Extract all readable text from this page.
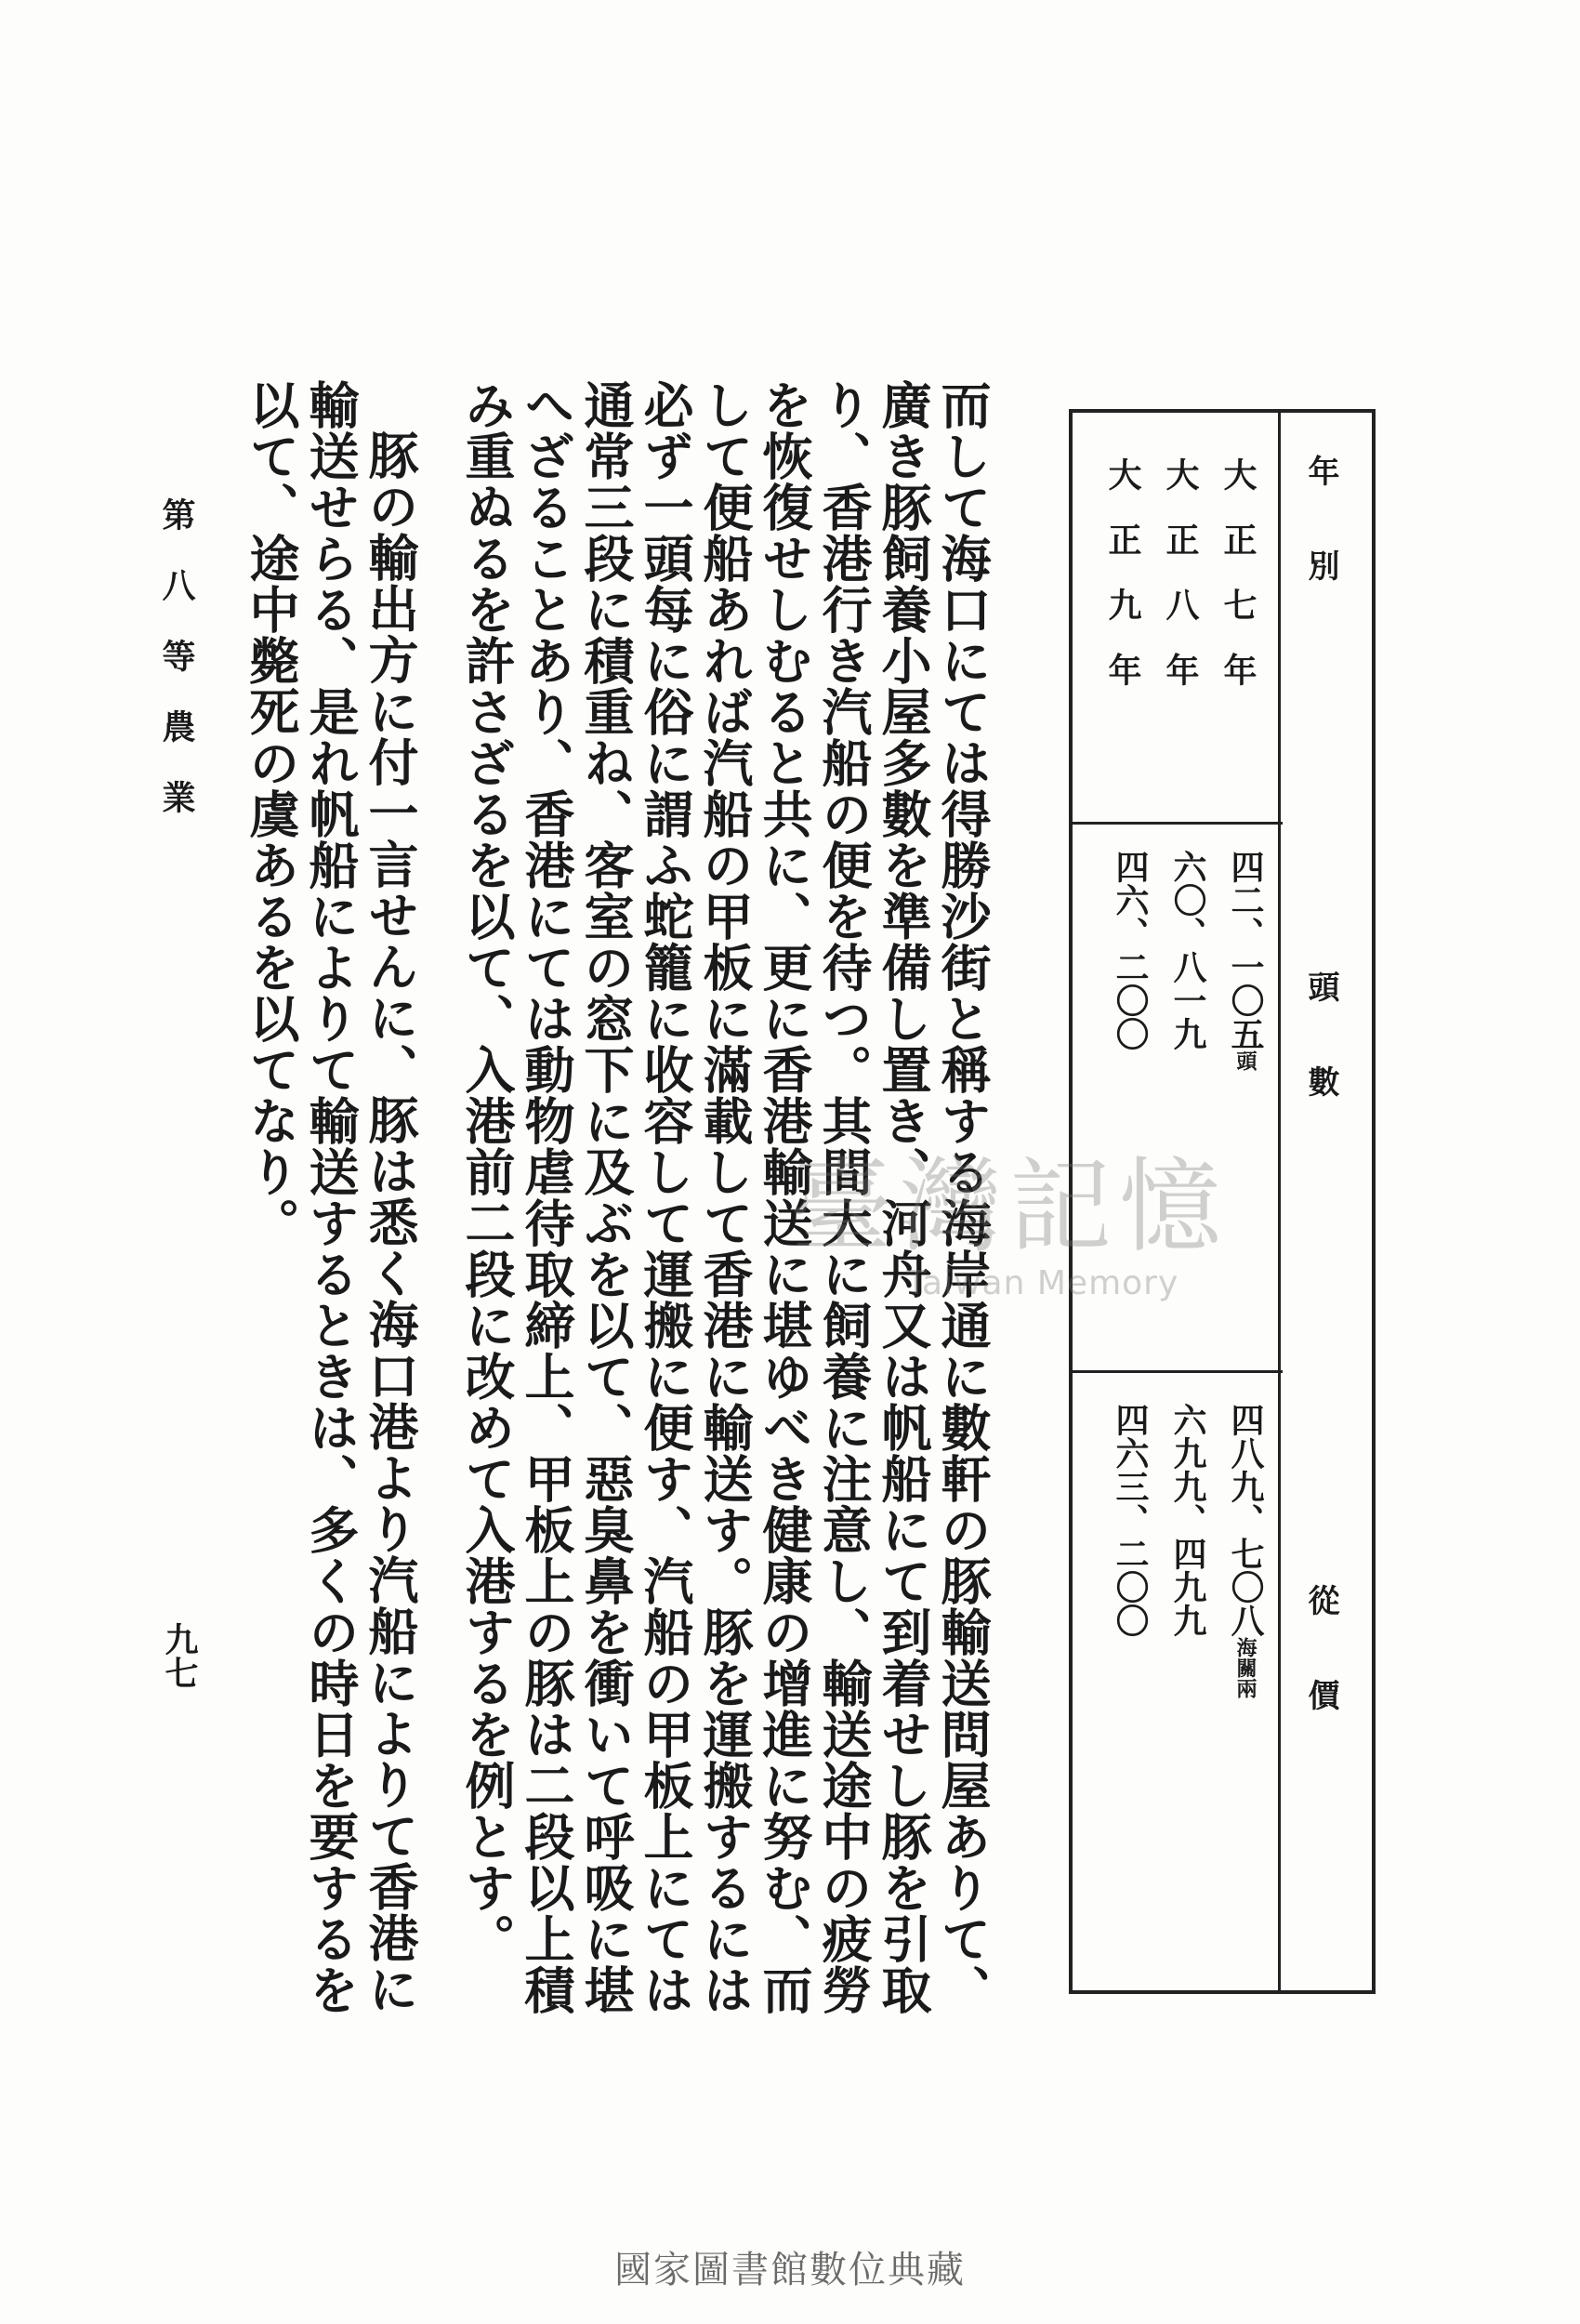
年　　別
頭　　數
從　　價
大正七年
四二、一〇五頭
四八九、七〇八海關兩
大正八年
六〇、八一九
六九九、四九九
大正九年
四六、二〇〇
四六三、二〇〇

而して海口にては得勝沙街と稱する海岸通に數軒の豚輸送問屋ありて、廣き豚飼養小屋多數を準備し置き、河舟又は帆船にて到着せし豚を引取り、香港行き汽船の便を待つ。其間大に飼養に注意し、輸送途中の疲勞を恢復せしむると共に、更に香港輸送に堪ゆべき健康の增進に努む、而して便船あれば汽船の甲板に滿載して香港に輸送す。豚を運搬するには必ず一頭每に俗に謂ふ蛇籠に收容して運搬に便す、汽船の甲板上にては通常三段に積重ね、客室の窓下に及ぶを以て、惡臭鼻を衝いて呼吸に堪へざることあり、香港にては動物虐待取締上、甲板上の豚は二段以上積み重ぬるを許さざるを以て、入港前二段に改めて入港するを例とす。

豚の輸出方に付一言せんに、豚は悉く海口港より汽船によりて香港に輸送せらる、是れ帆船によりて輸送するときは、多くの時日を要するを以て、途中斃死の虞あるを以てなり。	臺灣記憶
Taiwan Memory
第八等農業
九七
國家圖書館數位典藏
